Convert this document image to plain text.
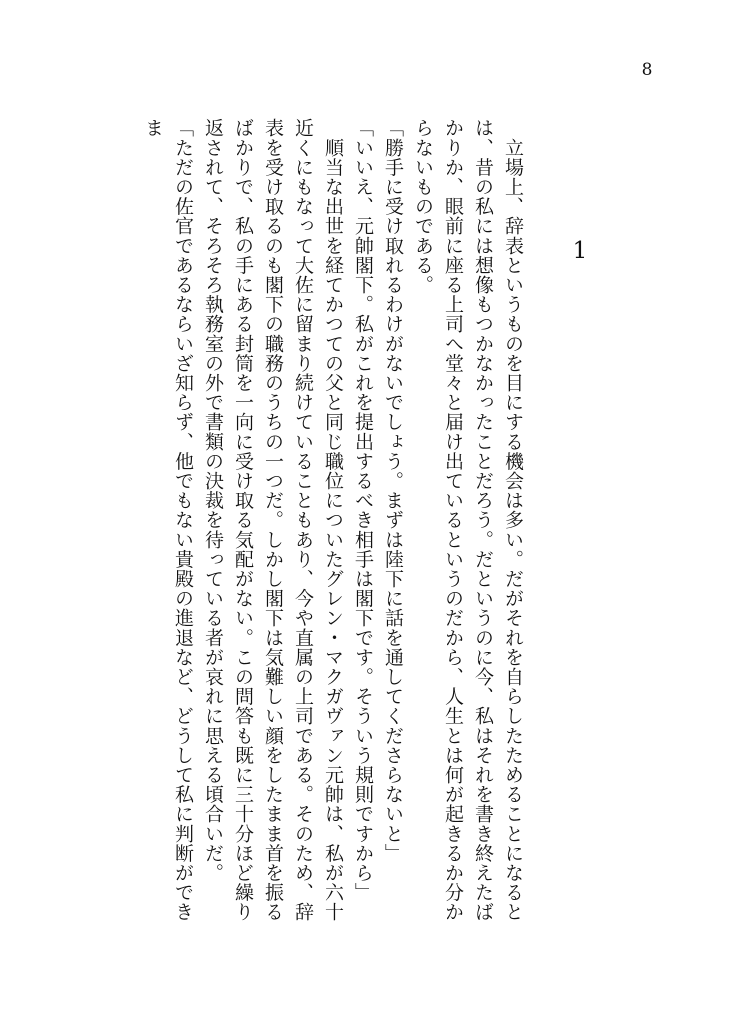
8
1

　立場上、辞表というものを目にする機会は多い。だがそれを自らしたためることになるとは、昔の私には想像もつかなかったことだろう。だというのに今、私はそれを書き終えたばかりか、眼前に座る上司へ堂々と届け出ているというのだから、人生とは何が起きるか分からないものである。

「勝手に受け取れるわけがないでしょう。まずは陸下に話を通してくださらないと」

「いいえ、元帥閣下。私がこれを提出するべき相手は閣下です。そういう規則ですから」

　順当な出世を経てかつての父と同じ職位についたグレン・マクガヴァン元帥は、私が六十近くにもなって大佐に留まり続けていることもあり、今や直属の上司である。そのため、辞表を受け取るのも閣下の職務のうちの一つだ。しかし閣下は気難しい顔をしたまま首を振るばかりで、私の手にある封筒を一向に受け取る気配がない。この問答も既に三十分ほど繰り返されて、そろそろ執務室の外で書類の決裁を待っている者が哀れに思える頃合いだ。

「ただの佐官であるならいざ知らず、他でもない貴殿の進退など、どうして私に判断ができま
